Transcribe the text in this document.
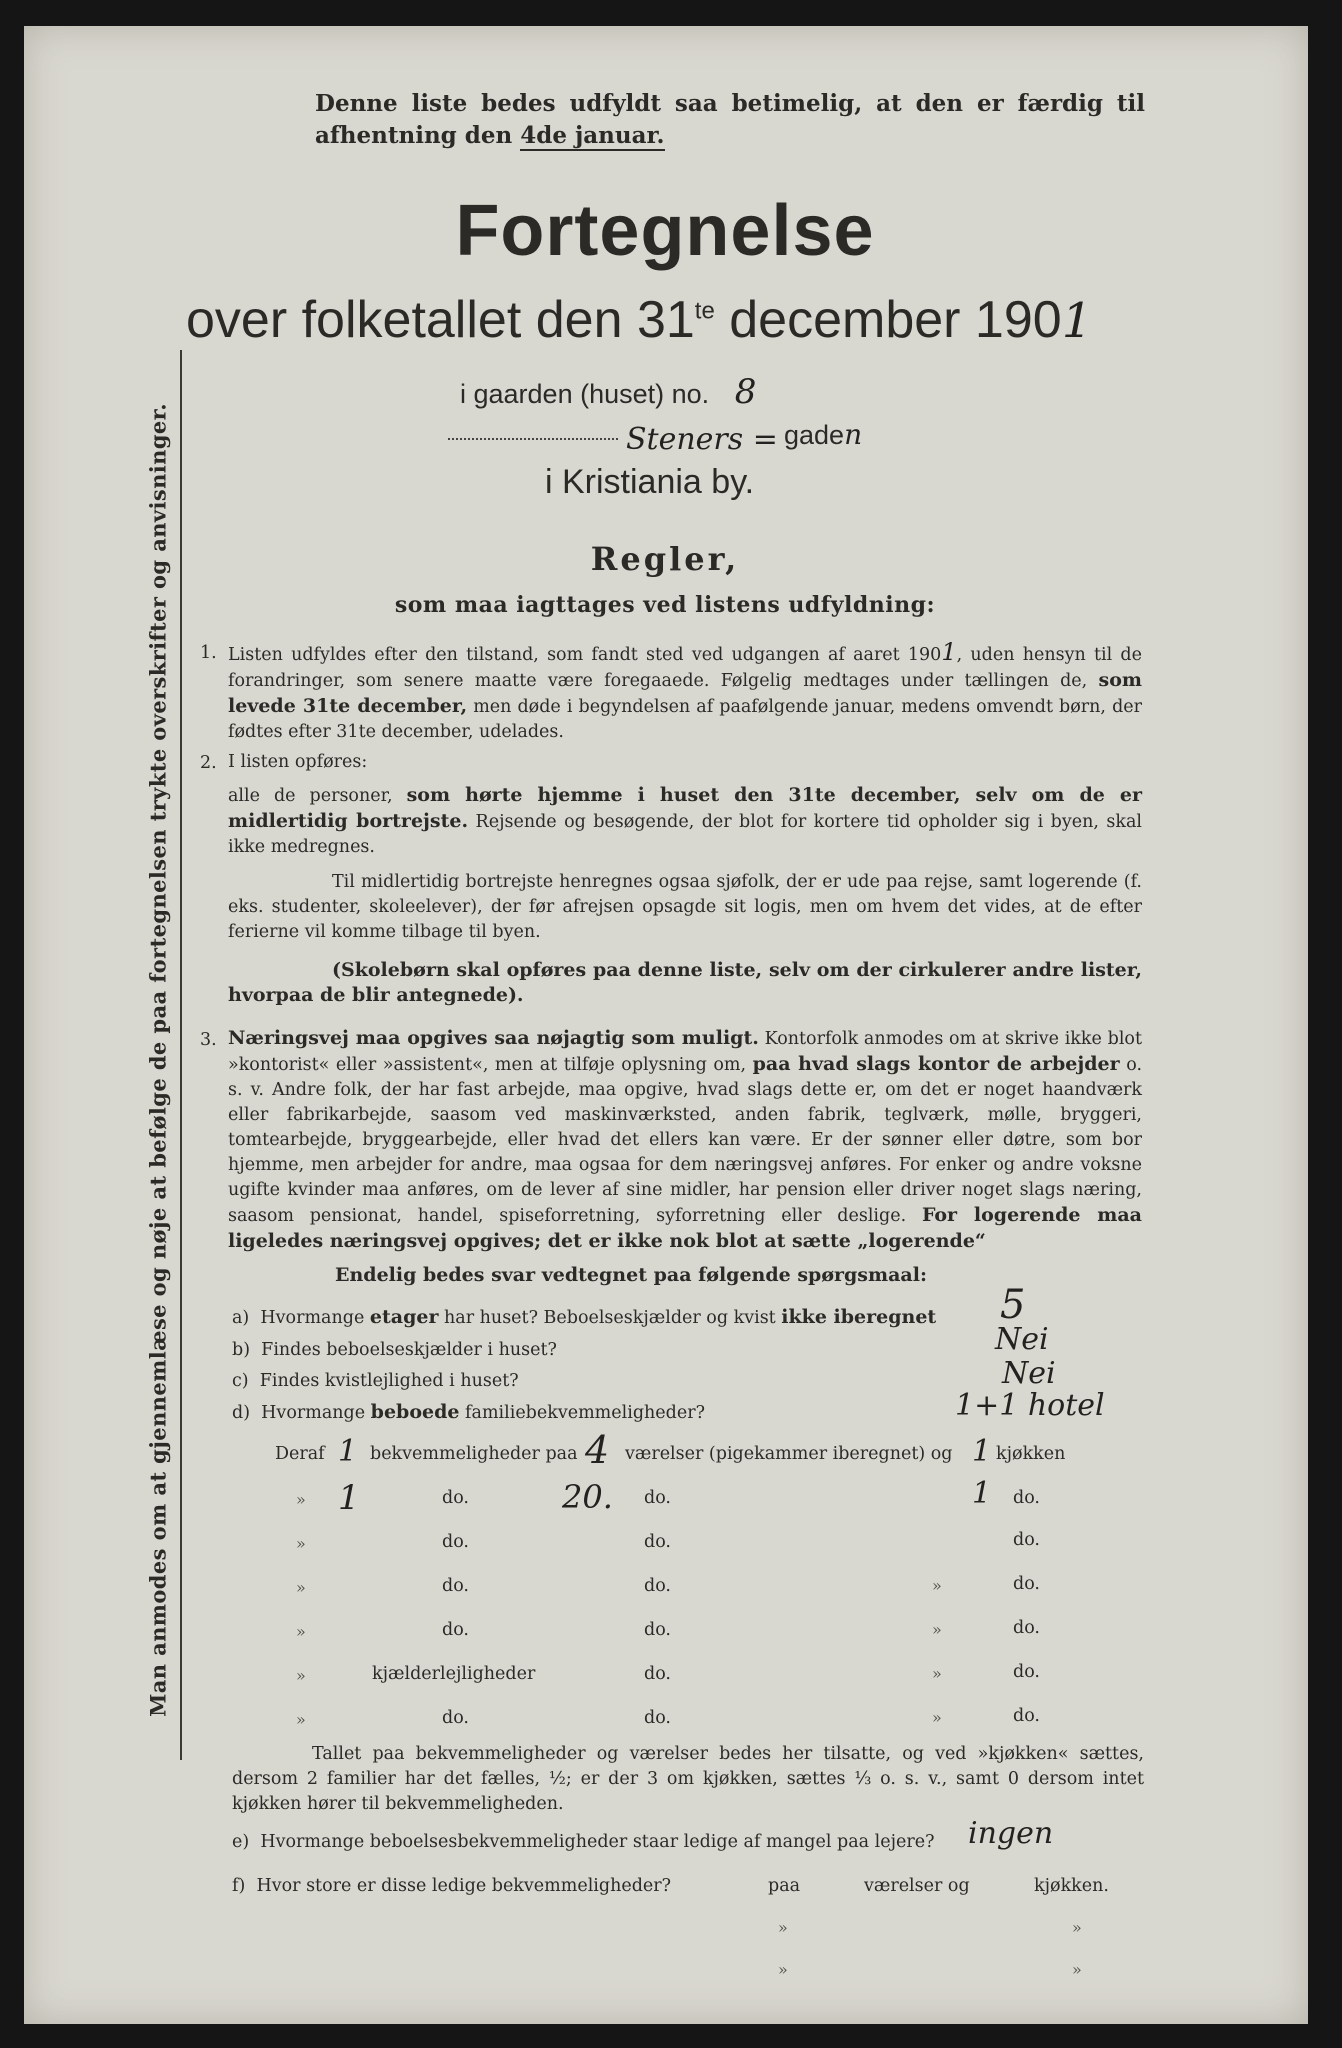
Man anmodes om at gjennemlæse og nøje at befølge de paa fortegnelsen trykte overskrifter og anvisninger.
Denne liste bedes udfyldt saa betimelig, at den er færdig til
afhentning den 4de januar.
Fortegnelse
over folketallet den $31^{te}$ december 1901
i gaarden (huset) no. 8
Steners = gaden
i Kristiania by.
Regler,
som maa iagttages ved listens udfyldning:
1. Listen udfyldes efter den tilstand, som fandt sted ved udgangen af aaret 1901, uden hensyn til de forandringer, som senere maatte være foregaaede. Følgelig medtages under tællingen de, som levede 31te december, men døde i begyndelsen af paafølgende januar, medens omvendt børn, der fødtes efter 31te december, udelades.
2. I listen opføres:
alle de personer, som hørte hjemme i huset den 31te december, selv om de er midlertidig bortrejste. Rejsende og besøgende, der blot for kortere tid opholder sig i byen, skal ikke medregnes.
Til midlertidig bortrejste henregnes ogsaa sjøfolk, der er ude paa rejse, samt logerende (f. eks. studenter, skoleelever), der før afrejsen opsagde sit logis, men om hvem det vides, at de efter ferierne vil komme tilbage til byen.
(Skolebørn skal opføres paa denne liste, selv om der cirkulerer andre lister, hvorpaa de blir antegnede).
3. Næringsvej maa opgives saa nøjagtig som muligt. Kontorfolk anmodes om at skrive ikke blot »kontorist« eller »assistent«, men at tilføje oplysning om, paa hvad slags kontor de arbejder o. s. v. Andre folk, der har fast arbejde, maa opgive, hvad slags dette er, om det er noget haandværk eller fabrikarbejde, saasom ved maskinværksted, anden fabrik, teglværk, mølle, bryggeri, tomtearbejde, bryggearbejde, eller hvad det ellers kan være. Er der sønner eller døtre, som bor hjemme, men arbejder for andre, maa ogsaa for dem næringsvej anføres. For enker og andre voksne ugifte kvinder maa anføres, om de lever af sine midler, har pension eller driver noget slags næring, saasom pensionat, handel, spiseforretning, syforretning eller deslige. For logerende maa ligeledes næringsvej opgives; det er ikke nok blot at sætte „logerende“
Endelig bedes svar vedtegnet paa følgende spørgsmaal:
a) Hvormange etager har huset? Beboelseskjælder og kvist ikke iberegnet 5
b) Findes beboelseskjælder i huset?	Nei
c) Findes kvistlejlighed i huset?	Nei
d) Hvormange beboede familiebekvemmeligheder?	1+1 hotel
Deraf 1 bekvemmeligheder paa 4 værelser (pigekammer iberegnet) og 1 kjøkken
» 1	do.	20. do.	1 do.
»	do.	do.	do.
»	do.	do.	»	do.
»	do.	do.	»	do.
»	kjælderlejligheder	do.	»	do.
»	do.	do.	»	do.
Tallet paa bekvemmeligheder og værelser bedes her tilsatte, og ved »kjøkken« sættes, dersom 2 familier har det fælles, ½; er der 3 om kjøkken, sættes ⅓ o. s. v., samt 0 dersom intet kjøkken hører til bekvemmeligheden.
e) Hvormange beboelsesbekvemmeligheder staar ledige af mangel paa lejere? ingen
f) Hvor store er disse ledige bekvemmeligheder?	paa	værelser og	kjøkken.
»	»
»	»
